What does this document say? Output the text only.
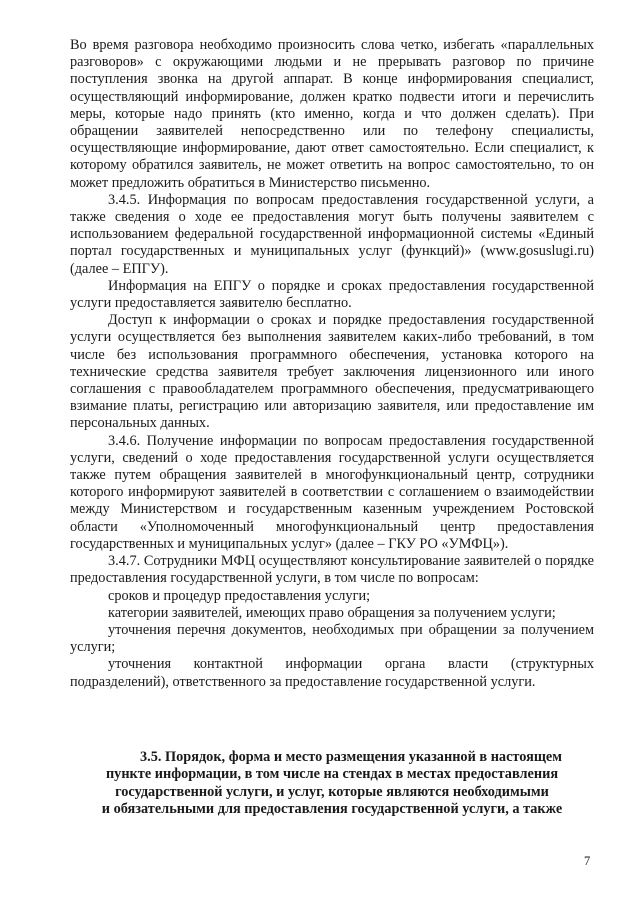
Во время разговора необходимо произносить слова четко, избегать «параллельных разговоров» с окружающими людьми и не прерывать разговор по причине поступления звонка на другой аппарат. В конце информирования специалист, осуществляющий информирование, должен кратко подвести итоги и перечислить меры, которые надо принять (кто именно, когда и что должен сделать). При обращении заявителей непосредственно или по телефону специалисты, осуществляющие информирование, дают ответ самостоятельно. Если специалист, к которому обратился заявитель, не может ответить на вопрос самостоятельно, то он может предложить обратиться в Министерство письменно.

3.4.5. Информация по вопросам предоставления государственной услуги, а также сведения о ходе ее предоставления могут быть получены заявителем с использованием федеральной государственной информационной системы «Единый портал государственных и муниципальных услуг (функций)» (www.gosuslugi.ru) (далее – ЕПГУ).

Информация на ЕПГУ о порядке и сроках предоставления государственной услуги предоставляется заявителю бесплатно.

Доступ к информации о сроках и порядке предоставления государственной услуги осуществляется без выполнения заявителем каких-либо требований, в том числе без использования программного обеспечения, установка которого на технические средства заявителя требует заключения лицензионного или иного соглашения с правообладателем программного обеспечения, предусматривающего взимание платы, регистрацию или авторизацию заявителя, или предоставление им персональных данных.

3.4.6. Получение информации по вопросам предоставления государственной услуги, сведений о ходе предоставления государственной услуги осуществляется также путем обращения заявителей в многофункциональный центр, сотрудники которого информируют заявителей в соответствии с соглашением о взаимодействии между Министерством и государственным казенным учреждением Ростовской области «Уполномоченный многофункциональный центр предоставления государственных и муниципальных услуг» (далее – ГКУ РО «УМФЦ»).

3.4.7. Сотрудники МФЦ осуществляют консультирование заявителей о порядке предоставления государственной услуги, в том числе по вопросам:

сроков и процедур предоставления услуги;

категории заявителей, имеющих право обращения за получением услуги;

уточнения перечня документов, необходимых при обращении за получением услуги;

уточнения контактной информации органа власти (структурных подразделений), ответственного за предоставление государственной услуги.

3.5. Порядок, форма и место размещения указанной в настоящем
пункте информации, в том числе на стендах в местах предоставления
государственной услуги, и услуг, которые являются необходимыми
и обязательными для предоставления государственной услуги, а также
7
